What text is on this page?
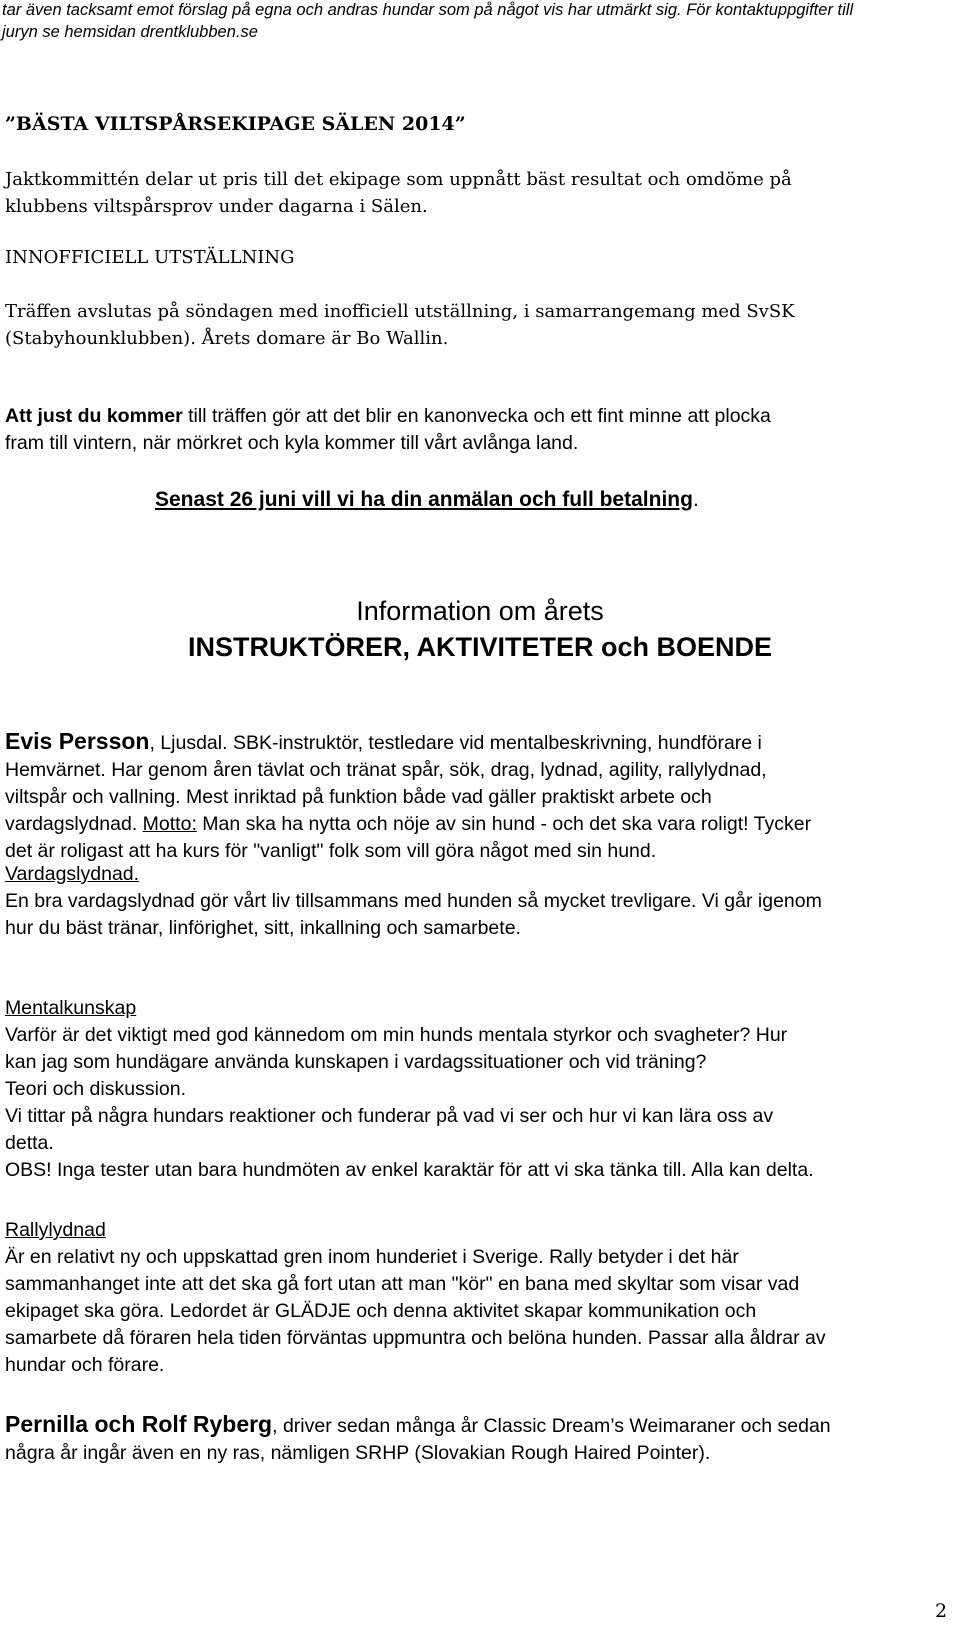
tar även tacksamt emot förslag på egna och andras hundar som på något vis har utmärkt sig. För kontaktuppgifter till
juryn se hemsidan drentklubben.se
”BÄSTA VILTSPÅRSEKIPAGE SÄLEN 2014”
Jaktkommittén delar ut pris till det ekipage som uppnått bäst resultat och omdöme på
klubbens viltspårsprov under dagarna i Sälen.
INNOFFICIELL UTSTÄLLNING
Träffen avslutas på söndagen med inofficiell utställning, i samarrangemang med SvSK
(Stabyhounklubben). Årets domare är Bo Wallin.
Att just du kommer till träffen gör att det blir en kanonvecka och ett fint minne att plocka
fram till vintern, när mörkret och kyla kommer till vårt avlånga land.
Senast 26 juni vill vi ha din anmälan och full betalning.
Information om årets
INSTRUKTÖRER, AKTIVITETER och BOENDE
Evis Persson, Ljusdal. SBK-instruktör, testledare vid mentalbeskrivning, hundförare i
Hemvärnet. Har genom åren tävlat och tränat spår, sök, drag, lydnad, agility, rallylydnad,
viltspår och vallning. Mest inriktad på funktion både vad gäller praktiskt arbete och
vardagslydnad. Motto: Man ska ha nytta och nöje av sin hund - och det ska vara roligt! Tycker
det är roligast att ha kurs för "vanligt" folk som vill göra något med sin hund.
Vardagslydnad.
En bra vardagslydnad gör vårt liv tillsammans med hunden så mycket trevligare. Vi går igenom
hur du bäst tränar, linförighet, sitt, inkallning och samarbete.
Mentalkunskap
Varför är det viktigt med god kännedom om min hunds mentala styrkor och svagheter? Hur
kan jag som hundägare använda kunskapen i vardagssituationer och vid träning?
Teori och diskussion.
Vi tittar på några hundars reaktioner och funderar på vad vi ser och hur vi kan lära oss av
detta.
OBS! Inga tester utan bara hundmöten av enkel karaktär för att vi ska tänka till. Alla kan delta.
Rallylydnad
Är en relativt ny och uppskattad gren inom hunderiet i Sverige. Rally betyder i det här
sammanhanget inte att det ska gå fort utan att man "kör" en bana med skyltar som visar vad
ekipaget ska göra. Ledordet är GLÄDJE och denna aktivitet skapar kommunikation och
samarbete då föraren hela tiden förväntas uppmuntra och belöna hunden. Passar alla åldrar av
hundar och förare.
Pernilla och Rolf Ryberg, driver sedan många år Classic Dream’s Weimaraner och sedan
några år ingår även en ny ras, nämligen SRHP (Slovakian Rough Haired Pointer).
2
